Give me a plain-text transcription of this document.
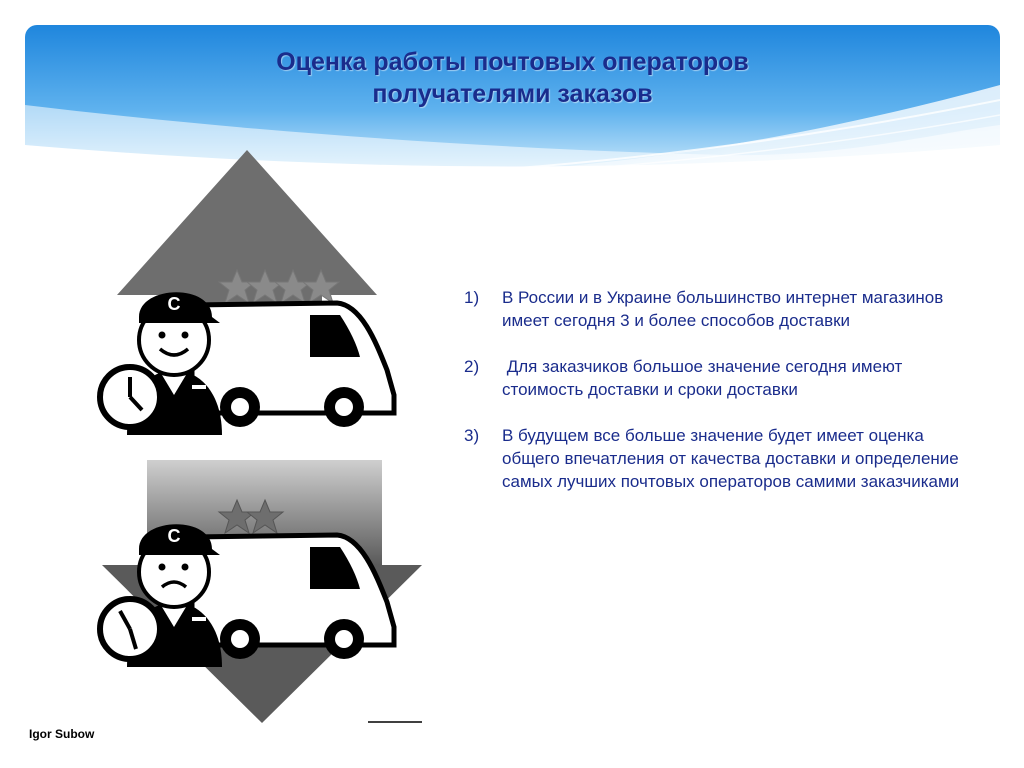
Оценка работы почтовых операторов
получателями заказов
C
C
1)	В России и в Украине большинство интернет магазинов имеет сегодня 3 и более способов доставки
2)	Для заказчиков большое значение сегодня имеют стоимость доставки и сроки доставки
3)	В будущем все больше значение будет имеет оценка общего впечатления от качества доставки и определение самых лучших почтовых операторов самими заказчиками
Igor Subow
